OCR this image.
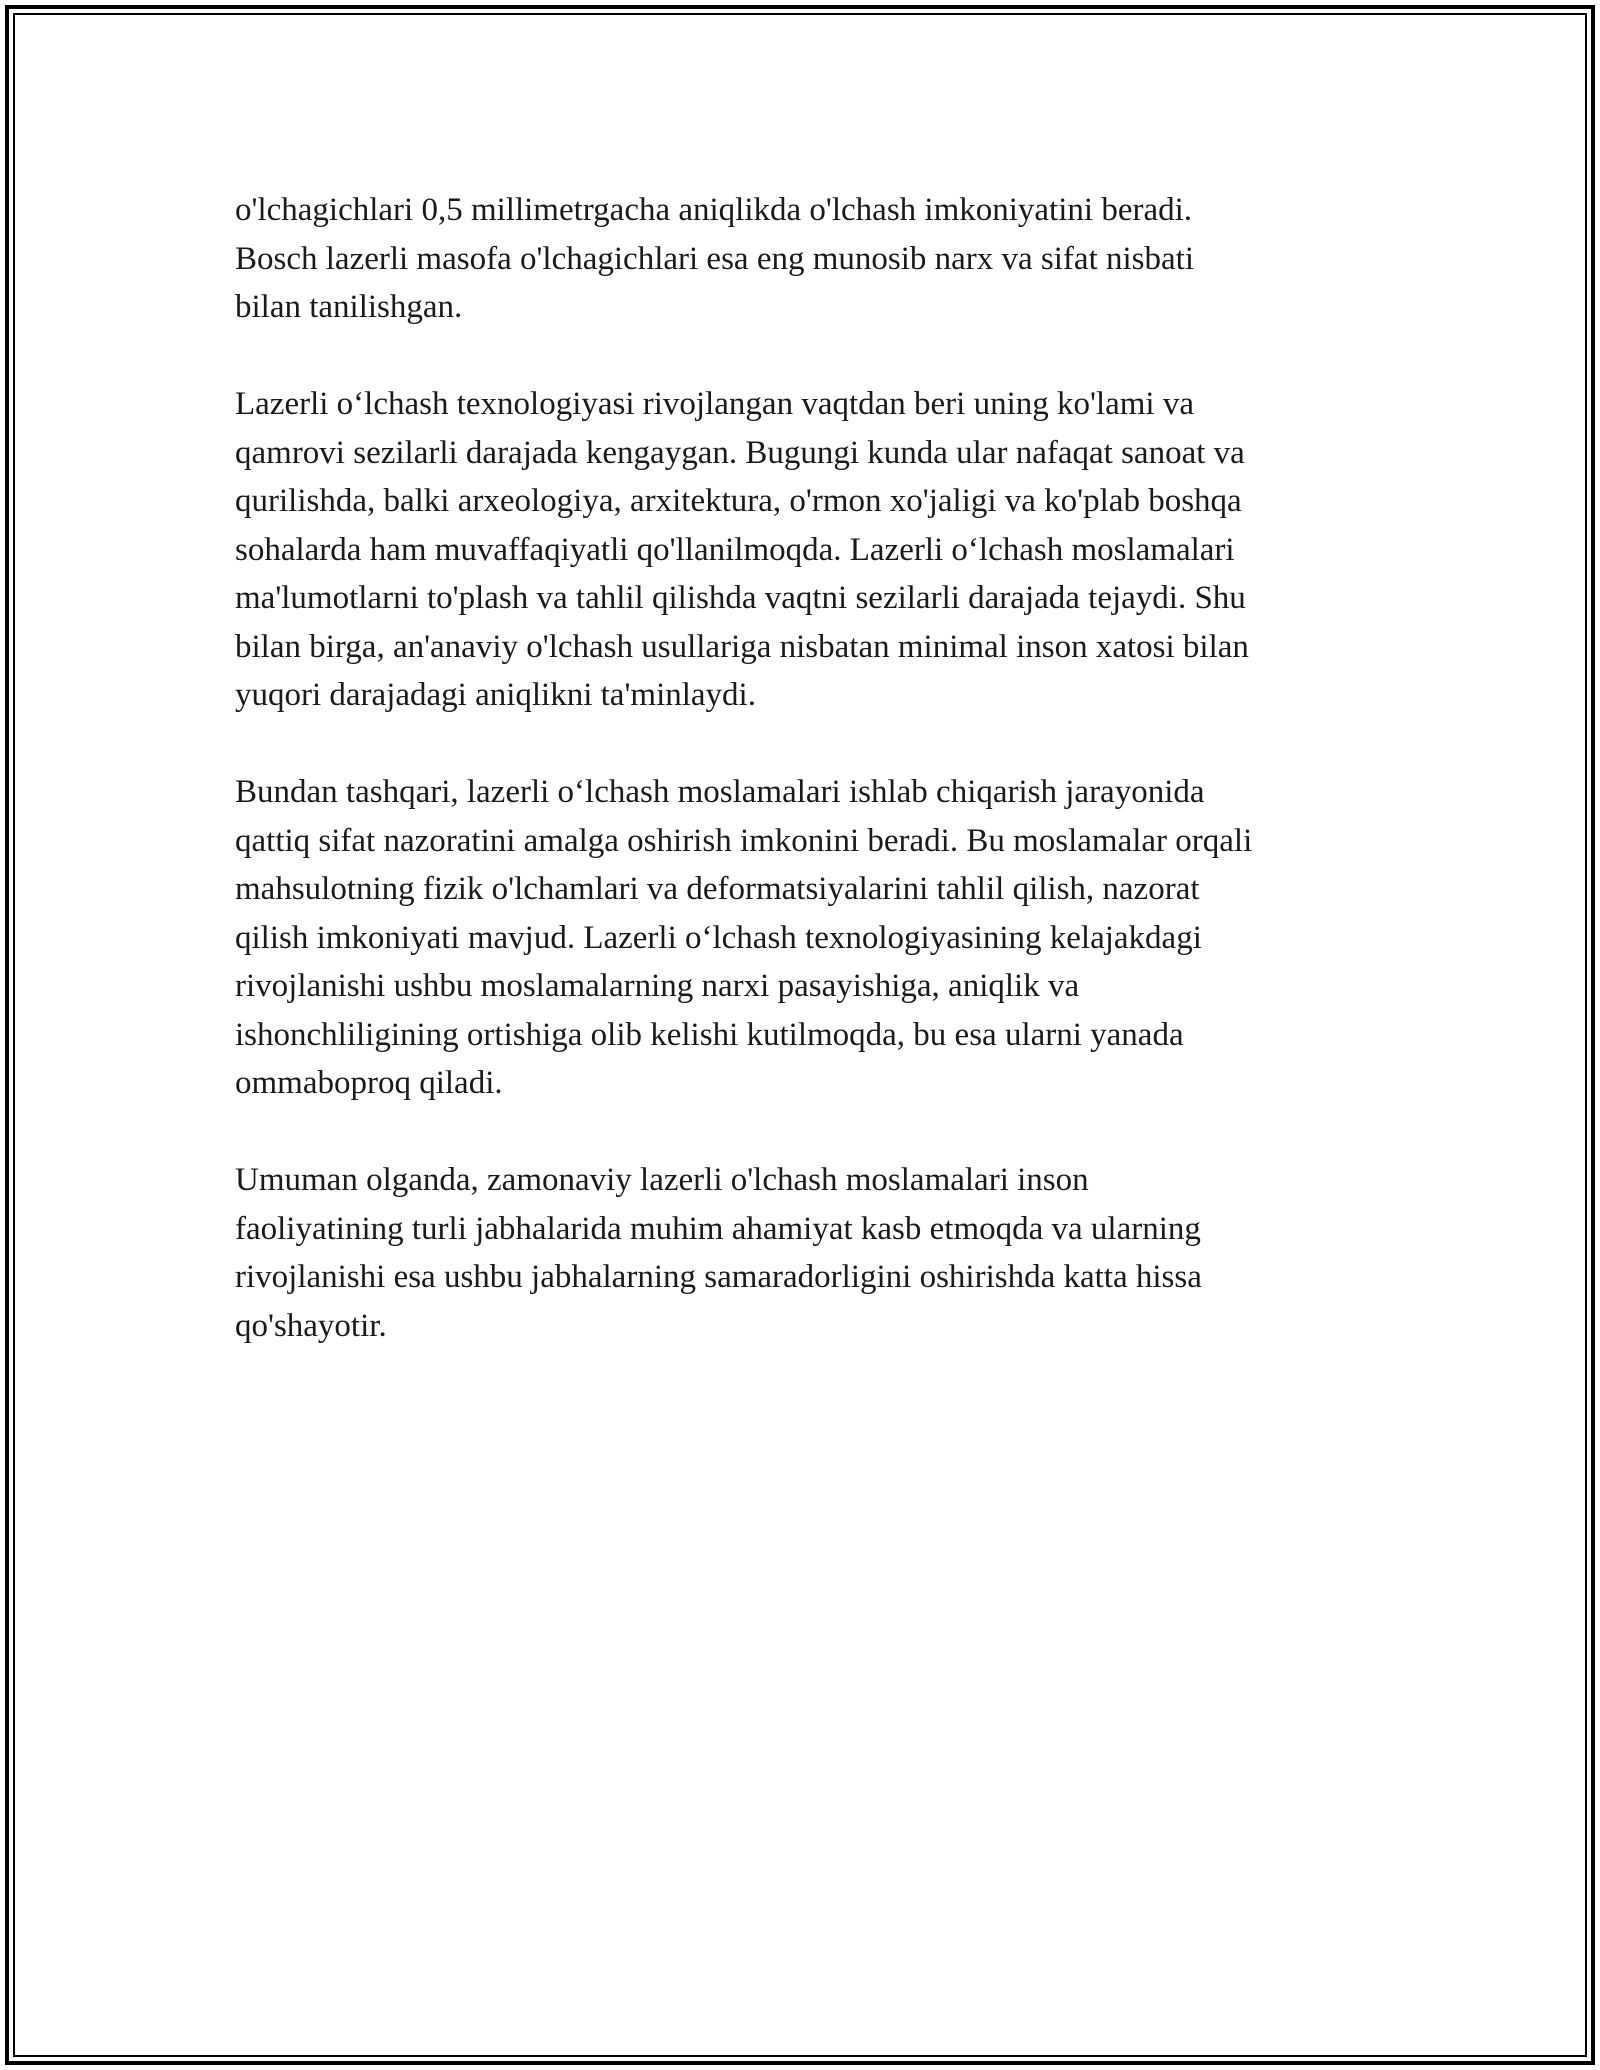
o'lchagichlari 0,5 millimetrgacha aniqlikda o'lchash imkoniyatini beradi.
Bosch lazerli masofa o'lchagichlari esa eng munosib narx va sifat nisbati
bilan tanilishgan.

Lazerli o‘lchash texnologiyasi rivojlangan vaqtdan beri uning ko'lami va
qamrovi sezilarli darajada kengaygan. Bugungi kunda ular nafaqat sanoat va
qurilishda, balki arxeologiya, arxitektura, o'rmon xo'jaligi va ko'plab boshqa
sohalarda ham muvaffaqiyatli qo'llanilmoqda. Lazerli o‘lchash moslamalari
ma'lumotlarni to'plash va tahlil qilishda vaqtni sezilarli darajada tejaydi. Shu
bilan birga, an'anaviy o'lchash usullariga nisbatan minimal inson xatosi bilan
yuqori darajadagi aniqlikni ta'minlaydi.

Bundan tashqari, lazerli o‘lchash moslamalari ishlab chiqarish jarayonida
qattiq sifat nazoratini amalga oshirish imkonini beradi. Bu moslamalar orqali
mahsulotning fizik o'lchamlari va deformatsiyalarini tahlil qilish, nazorat
qilish imkoniyati mavjud. Lazerli o‘lchash texnologiyasining kelajakdagi
rivojlanishi ushbu moslamalarning narxi pasayishiga, aniqlik va
ishonchliligining ortishiga olib kelishi kutilmoqda, bu esa ularni yanada
ommaboproq qiladi.

Umuman olganda, zamonaviy lazerli o'lchash moslamalari inson
faoliyatining turli jabhalarida muhim ahamiyat kasb etmoqda va ularning
rivojlanishi esa ushbu jabhalarning samaradorligini oshirishda katta hissa
qo'shayotir.
